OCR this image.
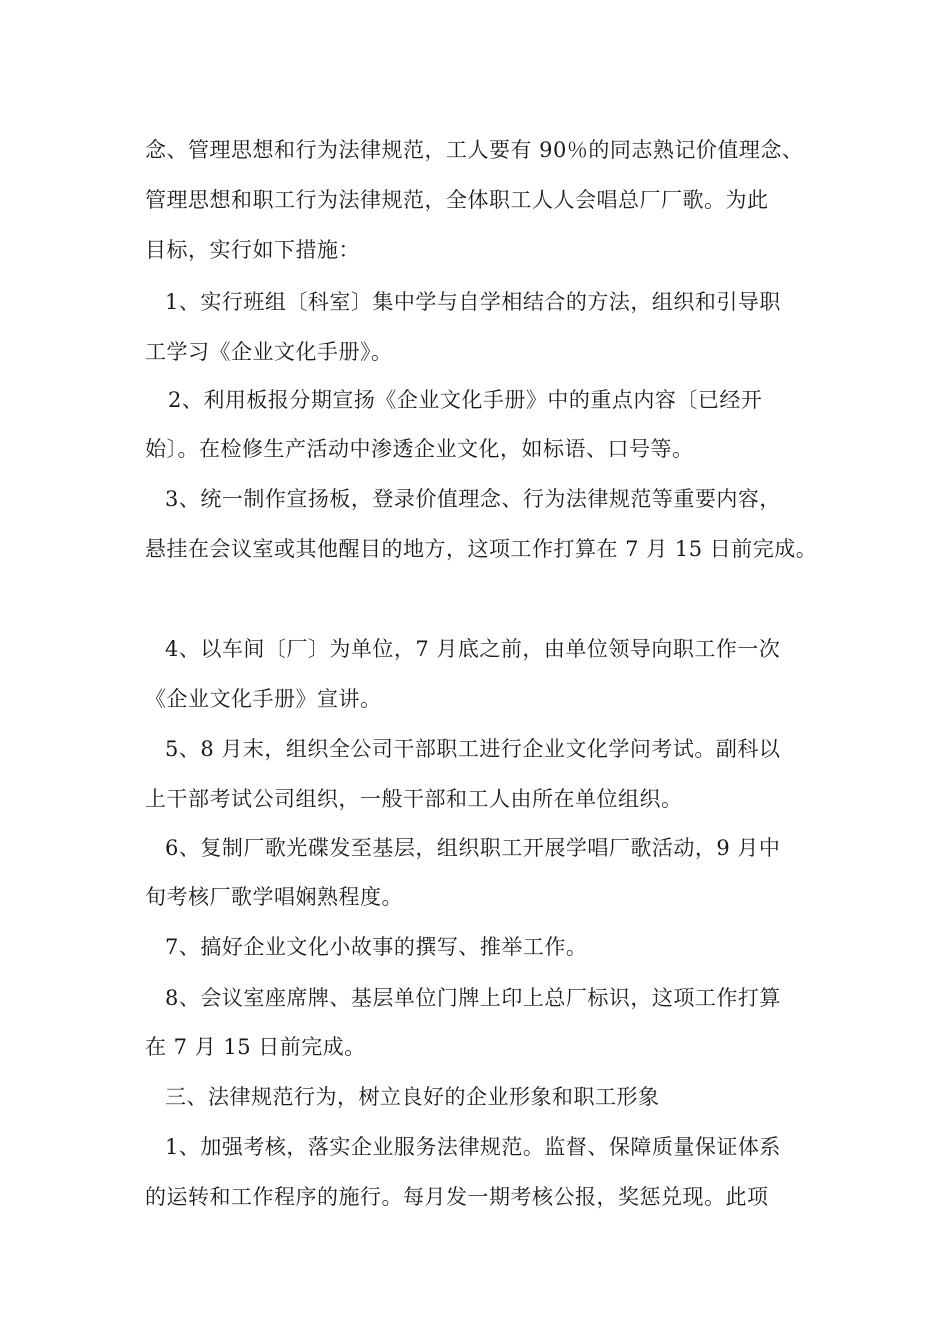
念、管理思想和行为法律规范，工人要有 90％的同志熟记价值理念、
管理思想和职工行为法律规范，全体职工人人会唱总厂厂歌。为此
目标，实行如下措施：
1、实行班组〔科室〕集中学与自学相结合的方法，组织和引导职
工学习《企业文化手册》。
2、利用板报分期宣扬《企业文化手册》中的重点内容〔已经开
始〕。在检修生产活动中渗透企业文化，如标语、口号等。
3、统一制作宣扬板，登录价值理念、行为法律规范等重要内容，
悬挂在会议室或其他醒目的地方，这项工作打算在 7 月 15 日前完成。
4、以车间〔厂〕为单位，7 月底之前，由单位领导向职工作一次
《企业文化手册》宣讲。
5、8 月末，组织全公司干部职工进行企业文化学问考试。副科以
上干部考试公司组织，一般干部和工人由所在单位组织。
6、复制厂歌光碟发至基层，组织职工开展学唱厂歌活动，9 月中
旬考核厂歌学唱娴熟程度。
7、搞好企业文化小故事的撰写、推举工作。
8、会议室座席牌、基层单位门牌上印上总厂标识，这项工作打算
在 7 月 15 日前完成。
三、法律规范行为，树立良好的企业形象和职工形象
1、加强考核，落实企业服务法律规范。监督、保障质量保证体系
的运转和工作程序的施行。每月发一期考核公报，奖惩兑现。此项
